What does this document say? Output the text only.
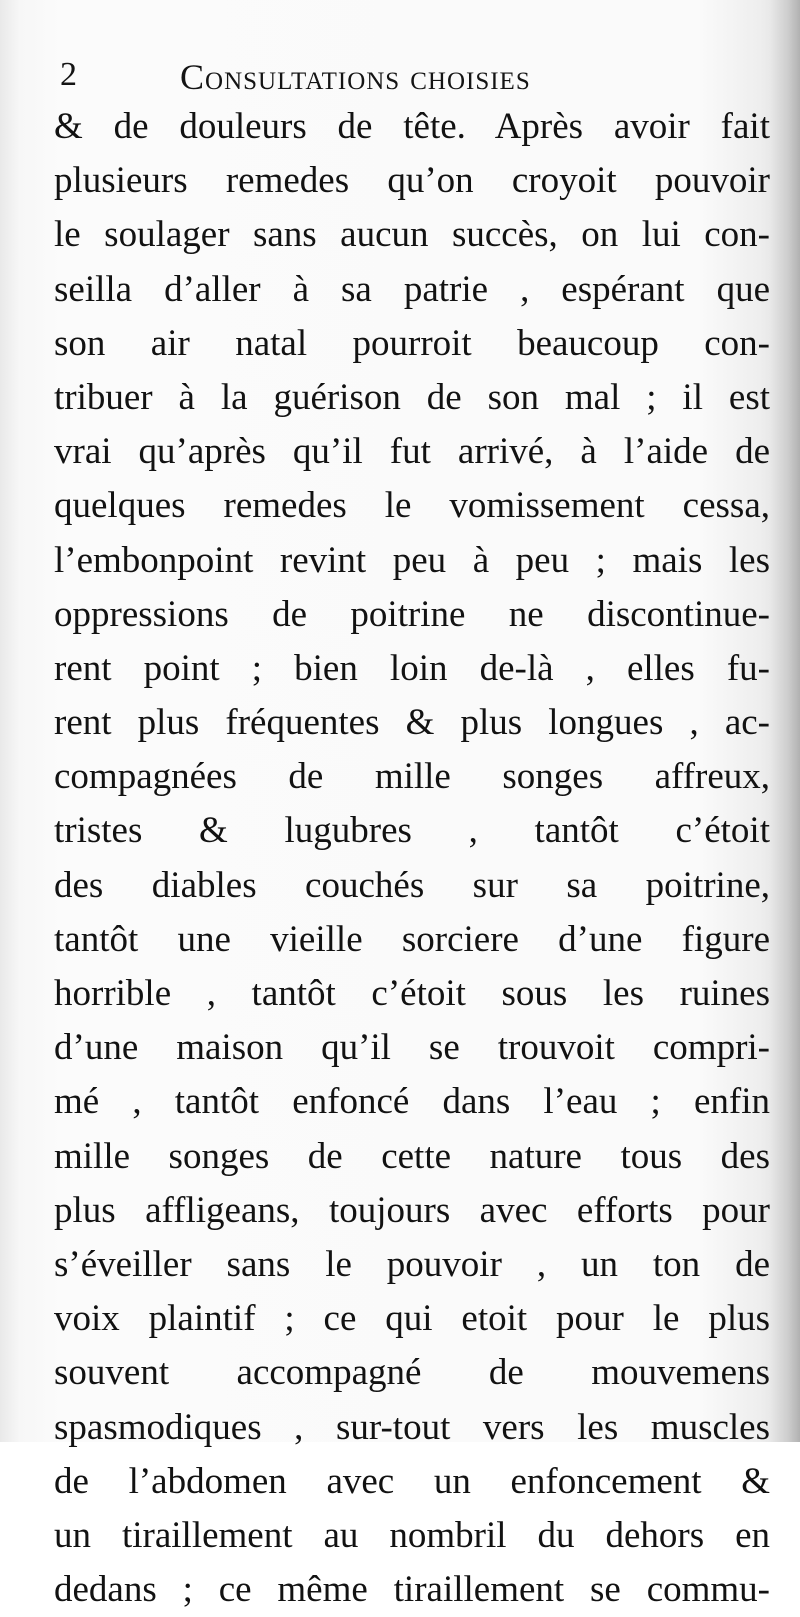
2	Consultations choisies
& de douleurs de tête. Après avoir fait
plusieurs remedes qu’on croyoit pouvoir
le soulager sans aucun succès, on lui con-
seilla d’aller à sa patrie , espérant que
son air natal pourroit beaucoup con-
tribuer à la guérison de son mal ; il est
vrai qu’après qu’il fut arrivé, à l’aide de
quelques remedes le vomissement cessa,
l’embonpoint revint peu à peu ; mais les
oppressions de poitrine ne discontinue-
rent point ; bien loin de-là , elles fu-
rent plus fréquentes & plus longues , ac-
compagnées de mille songes affreux,
tristes & lugubres , tantôt c’étoit
des diables couchés sur sa poitrine,
tantôt une vieille sorciere d’une figure
horrible , tantôt c’étoit sous les ruines
d’une maison qu’il se trouvoit compri-
mé , tantôt enfoncé dans l’eau ; enfin
mille songes de cette nature tous des
plus affligeans, toujours avec efforts pour
s’éveiller sans le pouvoir , un ton de
voix plaintif ; ce qui etoit pour le plus
souvent accompagné de mouvemens
spasmodiques , sur-tout vers les muscles
de l’abdomen avec un enfoncement &
un tiraillement au nombril du dehors en
dedans ; ce même tiraillement se commu-
